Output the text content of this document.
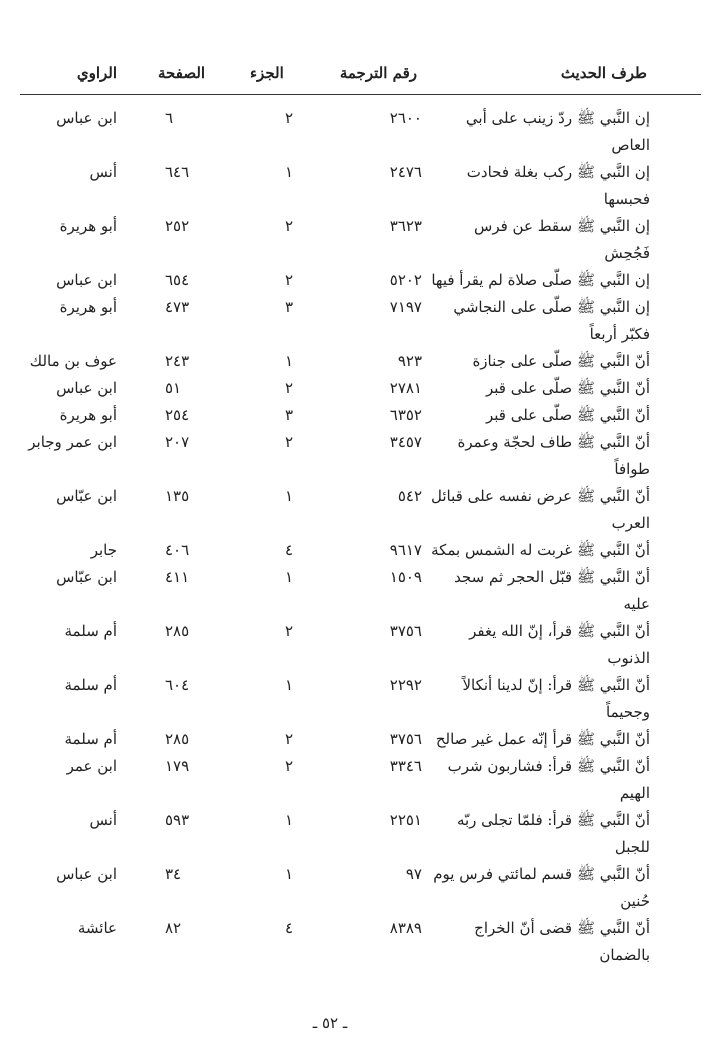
طرف الحديث
رقم الترجمة
الجزء
الصفحة
الراوي
إن النَّبي ﷺ ردّ زينب على أبي
العاص
٢٦٠٠
٢
٦
ابن عباس
إن النَّبي ﷺ ركب بغلة فحادت
فحبسها
٢٤٧٦
١
٦٤٦
أنس
إن النَّبي ﷺ سقط عن فرس
فَجُحِش
٣٦٢٣
٢
٢٥٢
أبو هريرة
إن النَّبي ﷺ صلّى صلاة لم يقرأ فيها
٥٢٠٢
٢
٦٥٤
ابن عباس
إن النَّبي ﷺ صلّى على النجاشي
فكبّر أربعاً
٧١٩٧
٣
٤٧٣
أبو هريرة
أنّ النَّبي ﷺ صلّى على جنازة
٩٢٣
١
٢٤٣
عوف بن مالك
أنّ النَّبي ﷺ صلّى على قبر
٢٧٨١
٢
٥١
ابن عباس
أنّ النَّبي ﷺ صلّى على قبر
٦٣٥٢
٣
٢٥٤
أبو هريرة
أنّ النَّبي ﷺ طاف لحجّة وعمرة
طوافاً
٣٤٥٧
٢
٢٠٧
ابن عمر وجابر
أنّ النَّبي ﷺ عرض نفسه على قبائل
العرب
٥٤٢
١
١٣٥
ابن عبّاس
أنّ النَّبي ﷺ غربت له الشمس بمكة
٩٦١٧
٤
٤٠٦
جابر
أنّ النَّبي ﷺ قبّل الحجر ثم سجد
عليه
١٥٠٩
١
٤١١
ابن عبّاس
أنّ النَّبي ﷺ قرأ، إنّ الله يغفر
الذنوب
٣٧٥٦
٢
٢٨٥
أم سلمة
أنّ النَّبي ﷺ قرأ: إنّ لدينا أنكالاً
وجحيماً
٢٢٩٢
١
٦٠٤
أم سلمة
أنّ النَّبي ﷺ قرأ إنّه عمل غير صالح
٣٧٥٦
٢
٢٨٥
أم سلمة
أنّ النَّبي ﷺ قرأ: فشاربون شرب
الهيم
٣٣٤٦
٢
١٧٩
ابن عمر
أنّ النَّبي ﷺ قرأ: فلمّا تجلى ربّه
للجبل
٢٢٥١
١
٥٩٣
أنس
أنّ النَّبي ﷺ قسم لمائتي فرس يوم
حُنين
٩٧
١
٣٤
ابن عباس
أنّ النَّبي ﷺ قضى أنّ الخراج
بالضمان
٨٣٨٩
٤
٨٢
عائشة
ـ ٥٢ ـ
